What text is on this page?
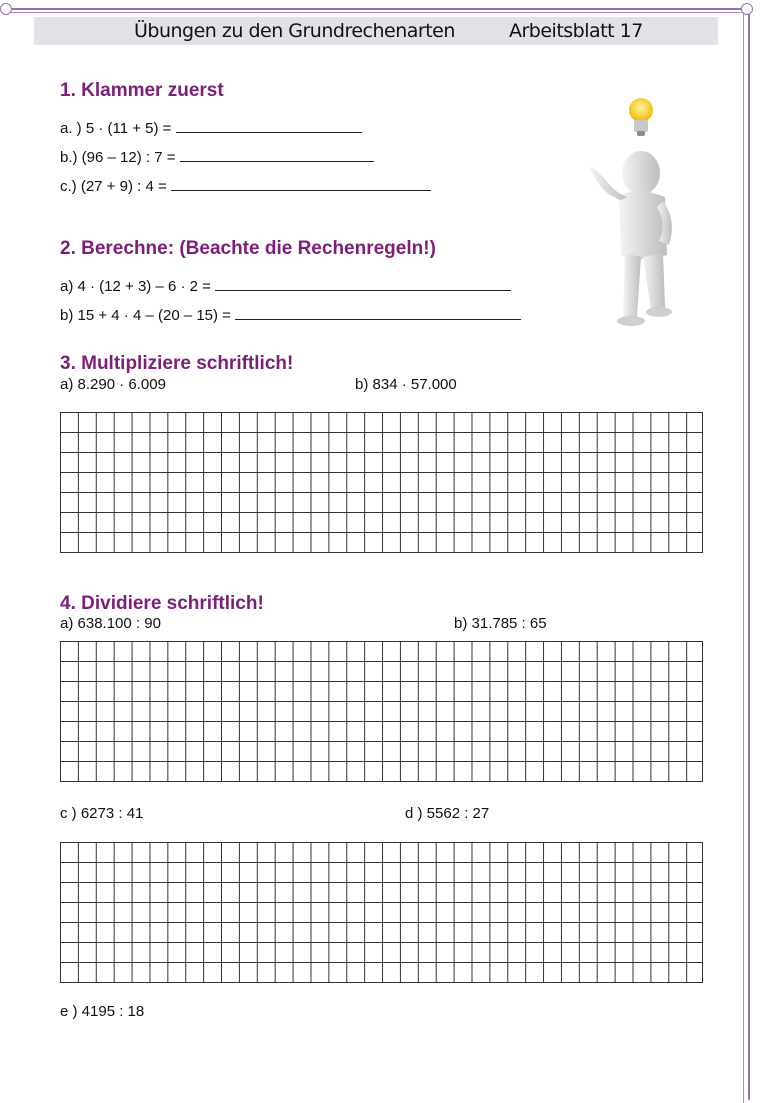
Übungen zu den Grundrechenarten	Arbeitsblatt 17
1. Klammer zuerst
a. ) 5 · (11 + 5) =
b.) (96 – 12) : 7 =
c.) (27 + 9) : 4 =
2. Berechne: (Beachte die Rechenregeln!)
a) 4 · (12 + 3) – 6 · 2 =
b) 15 + 4 · 4 – (20 – 15) =
3. Multipliziere schriftlich!
a) 8.290 · 6.009	b) 834 · 57.000
4. Dividiere schriftlich!
a) 638.100 : 90	b) 31.785 : 65
c ) 6273 : 41	d ) 5562 : 27
e ) 4195 : 18
